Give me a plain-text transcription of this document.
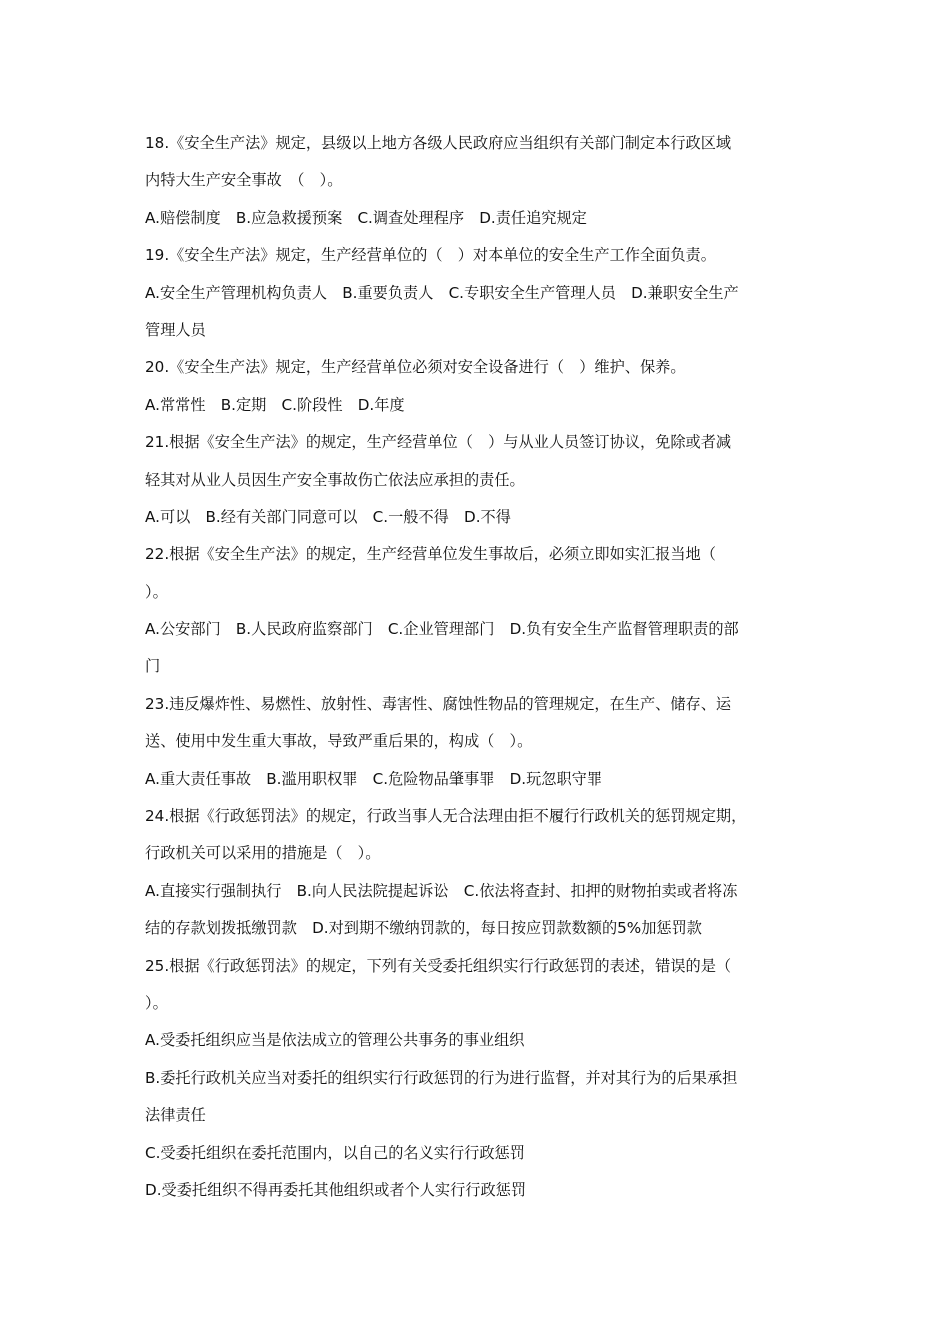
18.《安全生产法》规定，县级以上地方各级人民政府应当组织有关部门制定本行政区域
内特大生产安全事故　（　）。
A.赔偿制度　B.应急救援预案　C.调查处理程序　D.责任追究规定
19.《安全生产法》规定，生产经营单位的（　）对本单位的安全生产工作全面负责。
A.安全生产管理机构负责人　B.重要负责人　C.专职安全生产管理人员　D.兼职安全生产
管理人员
20.《安全生产法》规定，生产经营单位必须对安全设备进行（　）维护、保养。
A.常常性　B.定期　C.阶段性　D.年度
21.根据《安全生产法》的规定，生产经营单位（　）与从业人员签订协议，免除或者减
轻其对从业人员因生产安全事故伤亡依法应承担的责任。
A.可以　B.经有关部门同意可以　C.一般不得　D.不得
22.根据《安全生产法》的规定，生产经营单位发生事故后，必须立即如实汇报当地（
）。
A.公安部门　B.人民政府监察部门　C.企业管理部门　D.负有安全生产监督管理职责的部
门
23.违反爆炸性、易燃性、放射性、毒害性、腐蚀性物品的管理规定，在生产、储存、运
送、使用中发生重大事故，导致严重后果的，构成（　）。
A.重大责任事故　B.滥用职权罪　C.危险物品肇事罪　D.玩忽职守罪
24.根据《行政惩罚法》的规定，行政当事人无合法理由拒不履行行政机关的惩罚规定期，
行政机关可以采用的措施是（　）。
A.直接实行强制执行　B.向人民法院提起诉讼　C.依法将查封、扣押的财物拍卖或者将冻
结的存款划拨抵缴罚款　D.对到期不缴纳罚款的，每日按应罚款数额的5%加惩罚款
25.根据《行政惩罚法》的规定，下列有关受委托组织实行行政惩罚的表述，错误的是（
）。
A.受委托组织应当是依法成立的管理公共事务的事业组织
B.委托行政机关应当对委托的组织实行行政惩罚的行为进行监督，并对其行为的后果承担
法律责任
C.受委托组织在委托范围内，以自己的名义实行行政惩罚
D.受委托组织不得再委托其他组织或者个人实行行政惩罚
